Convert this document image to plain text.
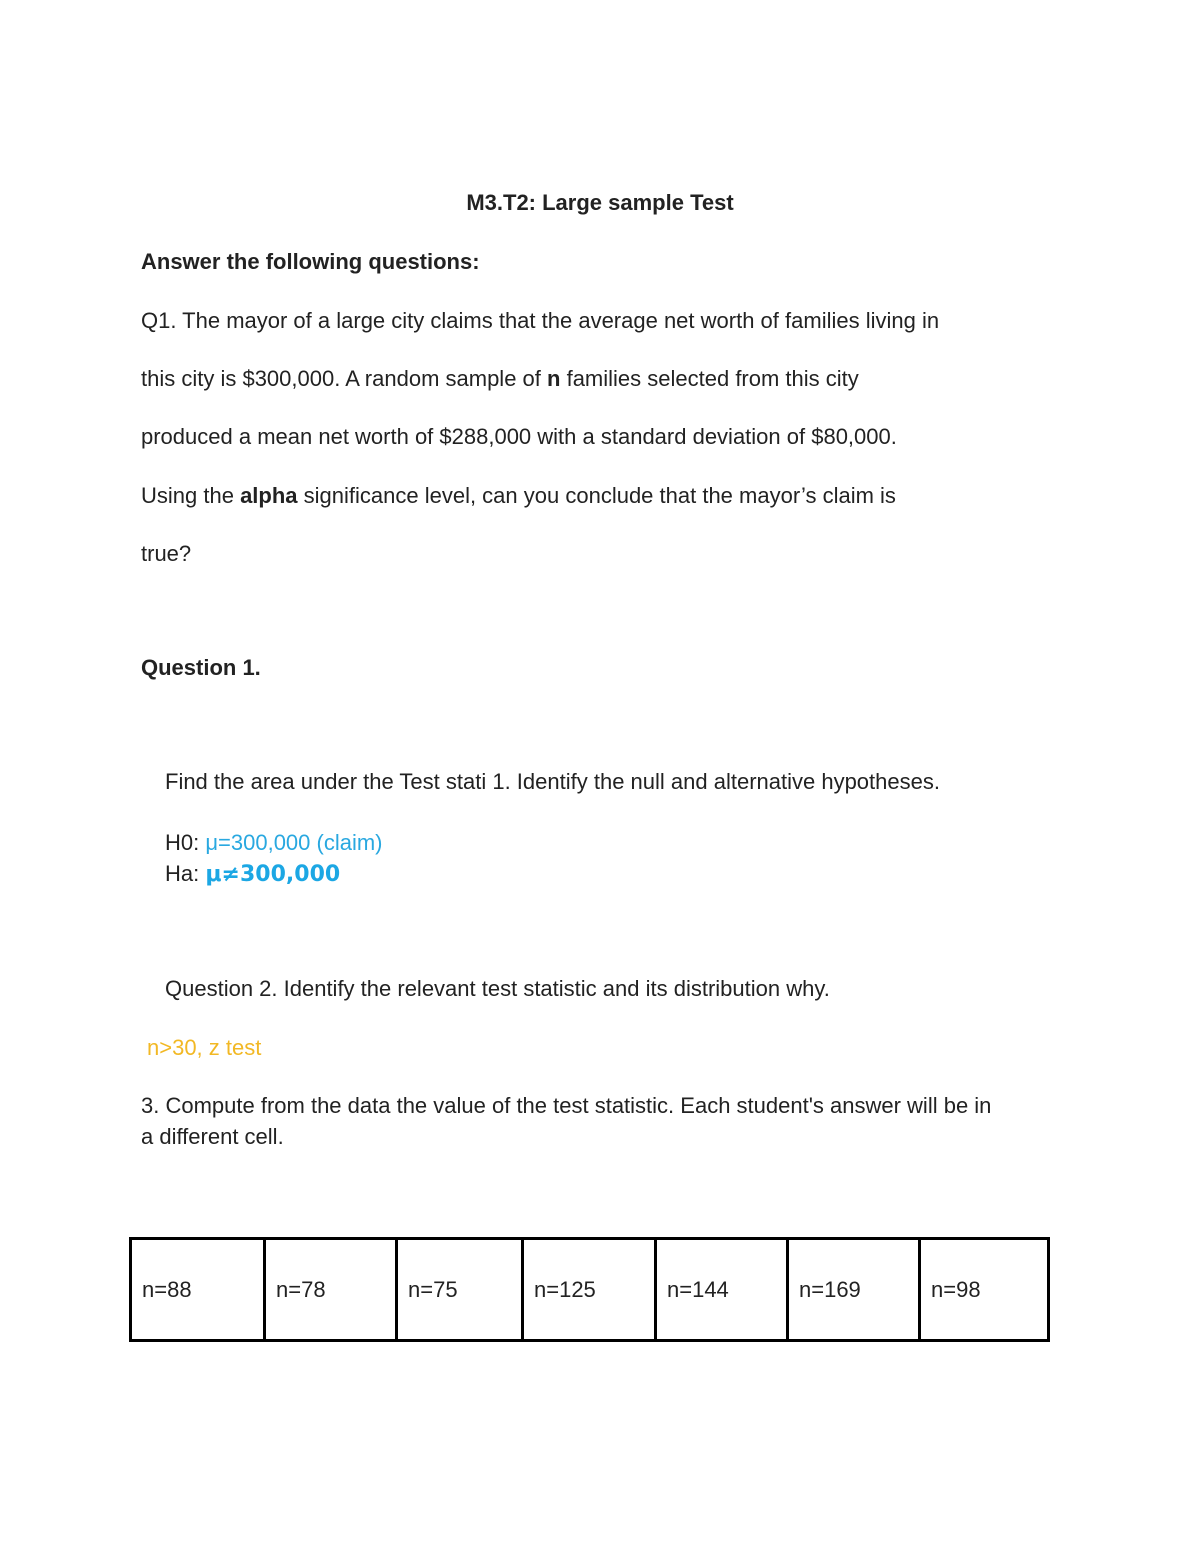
M3.T2: Large sample Test

Answer the following questions:

Q1. The mayor of a large city claims that the average net worth of families living in

this city is $300,000. A random sample of n families selected from this city

produced a mean net worth of $288,000 with a standard deviation of $80,000.

Using the alpha significance level, can you conclude that the mayor’s claim is

true?

Question 1.

Find the area under the Test stati 1. Identify the null and alternative hypotheses.

H0: μ=300,000 (claim)

Ha: μ≠300,000

Question 2. Identify the relevant test statistic and its distribution why.

n>30, z test

3. Compute from the data the value of the test statistic. Each student's answer will be in

a different cell.

n=88	n=78	n=75	n=125	n=144	n=169	n=98
